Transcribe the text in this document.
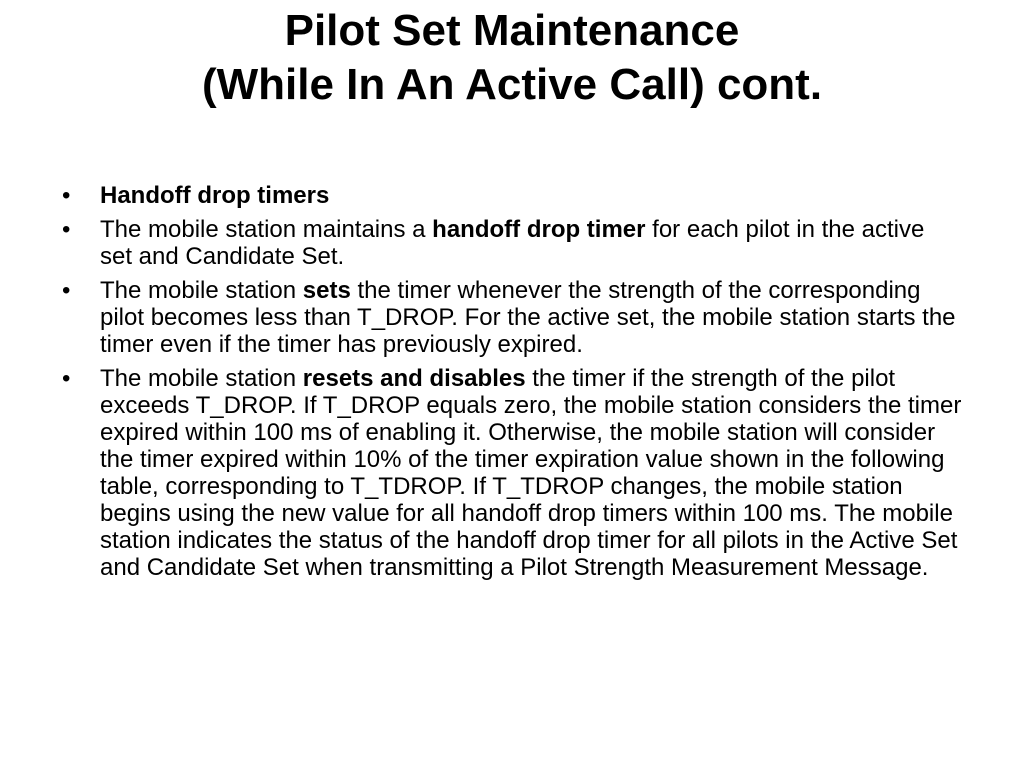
Pilot Set Maintenance
(While In An Active Call) cont.
•	Handoff drop timers
•	The mobile station maintains a handoff drop timer for each pilot in the active set and Candidate Set.
•	The mobile station sets the timer whenever the strength of the corresponding pilot becomes less than T_DROP. For the active set, the mobile station starts the timer even if the timer has previously expired.
•	The mobile station resets and disables the timer if the strength of the pilot exceeds T_DROP. If T_DROP equals zero, the mobile station considers the timer expired within 100 ms of enabling it. Otherwise, the mobile station will consider the timer expired within 10% of the timer expiration value shown in the following table, corresponding to T_TDROP. If T_TDROP changes, the mobile station begins using the new value for all handoff drop timers within 100 ms. The mobile station indicates the status of the handoff drop timer for all pilots in the Active Set and Candidate Set when transmitting a Pilot Strength Measurement Message.
